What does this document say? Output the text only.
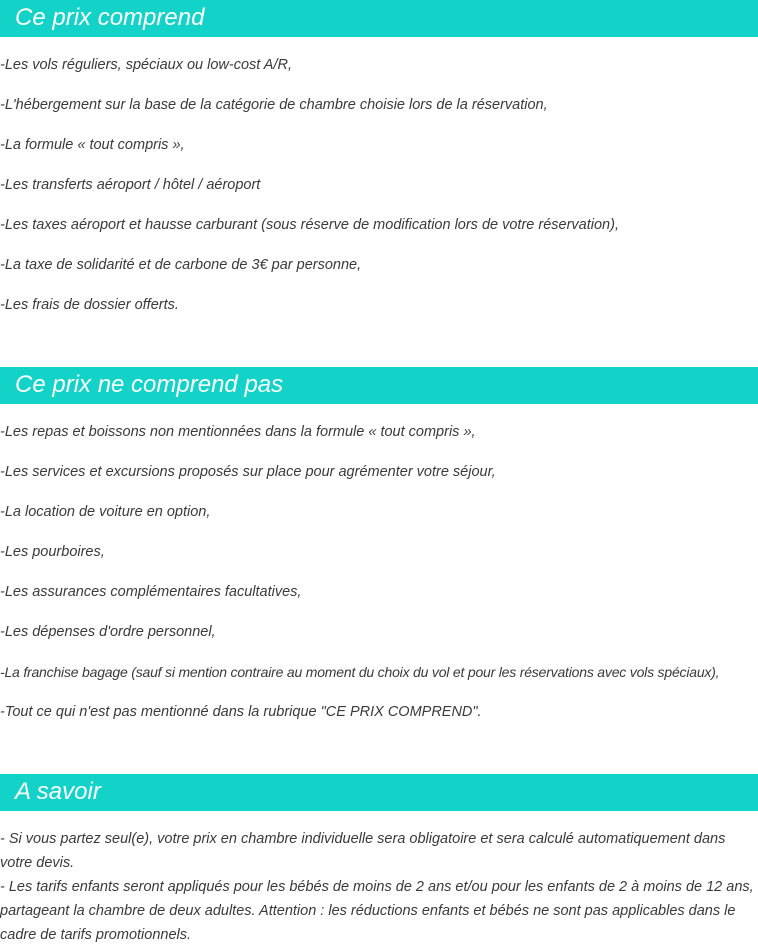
Ce prix comprend
-Les vols réguliers, spéciaux ou low-cost A/R,
-L'hébergement sur la base de la catégorie de chambre choisie lors de la réservation,
-La formule « tout compris »,
-Les transferts aéroport / hôtel / aéroport
-Les taxes aéroport et hausse carburant (sous réserve de modification lors de votre réservation),
-La taxe de solidarité et de carbone de 3€ par personne,
-Les frais de dossier offerts.
Ce prix ne comprend pas
-Les repas et boissons non mentionnées dans la formule « tout compris »,
-Les services et excursions proposés sur place pour agrémenter votre séjour,
-La location de voiture en option,
-Les pourboires,
-Les assurances complémentaires facultatives,
-Les dépenses d'ordre personnel,
-La franchise bagage (sauf si mention contraire au moment du choix du vol et pour les réservations avec vols spéciaux),
-Tout ce qui n'est pas mentionné dans la rubrique "CE PRIX COMPREND".
A savoir

- Si vous partez seul(e), votre prix en chambre individuelle sera obligatoire et sera calculé automatiquement dans votre devis.

- Les tarifs enfants seront appliqués pour les bébés de moins de 2 ans et/ou pour les enfants de 2 à moins de 12 ans, partageant la chambre de deux adultes. Attention : les réductions enfants et bébés ne sont pas applicables dans le cadre de tarifs promotionnels.
